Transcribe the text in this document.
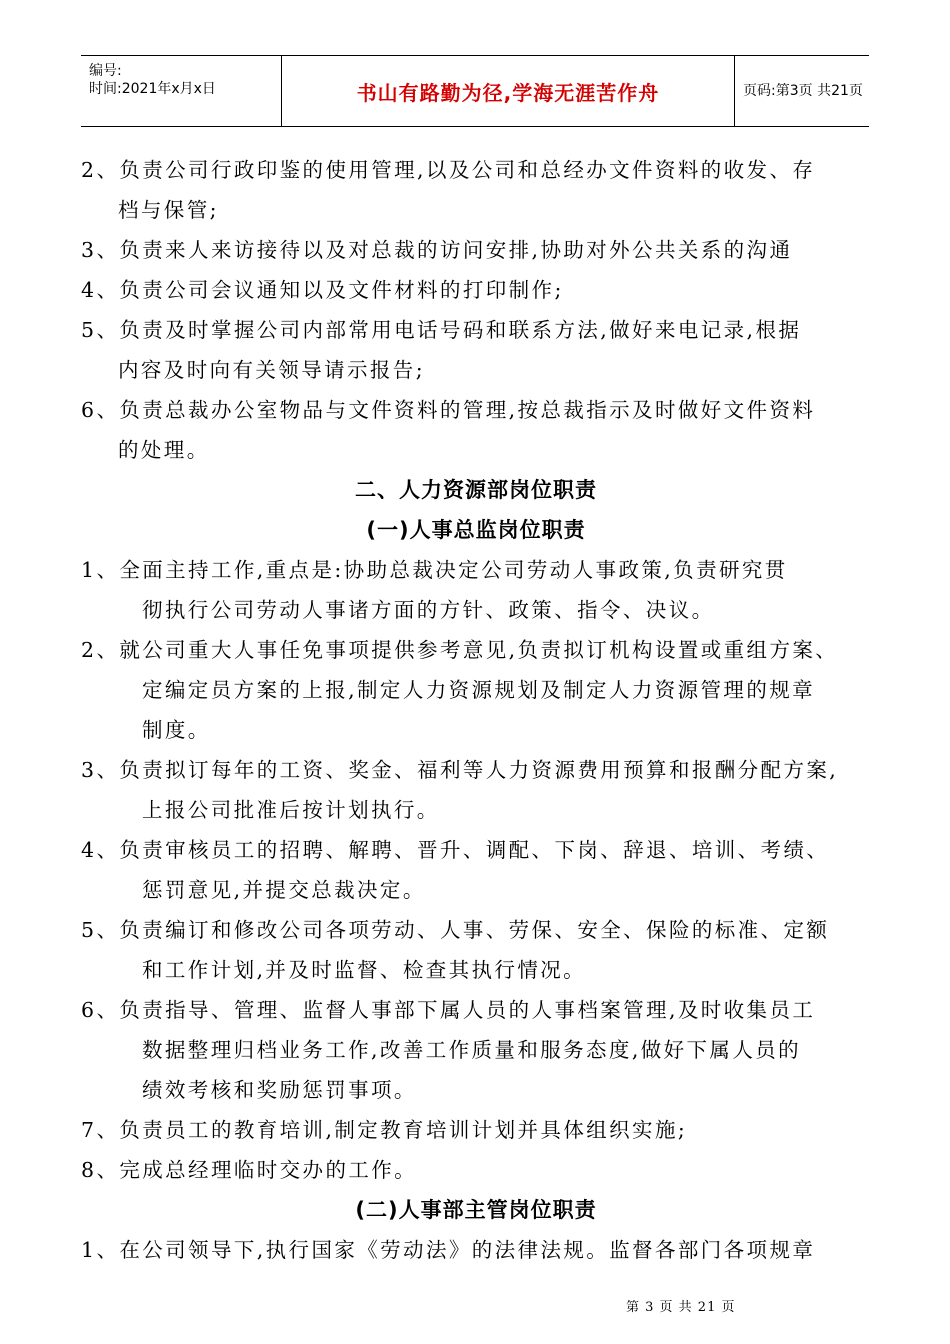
编号:
时间:2021年x月x日	书山有路勤为径,学海无涯苦作舟	页码:第3页 共21页
2、负责公司行政印鉴的使用管理,以及公司和总经办文件资料的收发、存
档与保管;
3、负责来人来访接待以及对总裁的访问安排,协助对外公共关系的沟通
4、负责公司会议通知以及文件材料的打印制作;
5、负责及时掌握公司内部常用电话号码和联系方法,做好来电记录,根据
内容及时向有关领导请示报告;
6、负责总裁办公室物品与文件资料的管理,按总裁指示及时做好文件资料
的处理。
二、人力资源部岗位职责
(一)人事总监岗位职责
1、全面主持工作,重点是:协助总裁决定公司劳动人事政策,负责研究贯
彻执行公司劳动人事诸方面的方针、政策、指令、决议。
2、就公司重大人事任免事项提供参考意见,负责拟订机构设置或重组方案、
定编定员方案的上报,制定人力资源规划及制定人力资源管理的规章
制度。
3、负责拟订每年的工资、奖金、福利等人力资源费用预算和报酬分配方案,
上报公司批准后按计划执行。
4、负责审核员工的招聘、解聘、晋升、调配、下岗、辞退、培训、考绩、
惩罚意见,并提交总裁决定。
5、负责编订和修改公司各项劳动、人事、劳保、安全、保险的标准、定额
和工作计划,并及时监督、检查其执行情况。
6、负责指导、管理、监督人事部下属人员的人事档案管理,及时收集员工
数据整理归档业务工作,改善工作质量和服务态度,做好下属人员的
绩效考核和奖励惩罚事项。
7、负责员工的教育培训,制定教育培训计划并具体组织实施;
8、完成总经理临时交办的工作。
(二)人事部主管岗位职责
1、在公司领导下,执行国家《劳动法》的法律法规。监督各部门各项规章
第 3 页 共 21 页
